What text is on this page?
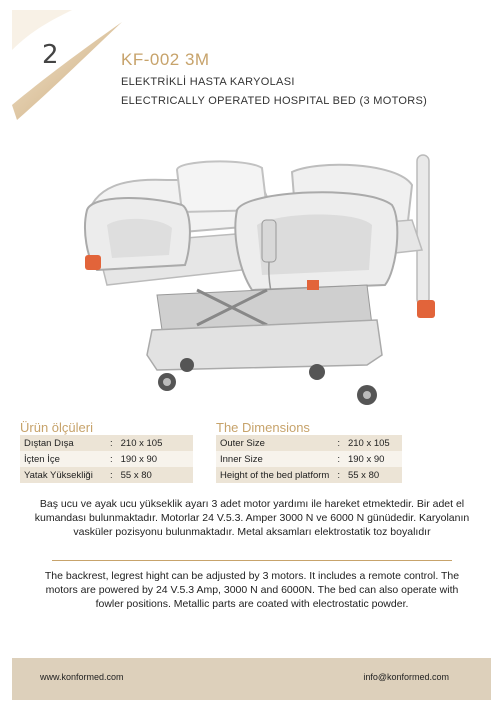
2	KF-002 3M
ELEKTRİKLİ HASTA KARYOLASI
ELECTRICALLY OPERATED HOSPITAL BED (3 MOTORS)
Ürün ölçüleri
Dıştan Dışa	:	210 x 105
İçten İçe	:	190 x 90
Yatak Yüksekliği	:	55 x 80
The Dimensions
Outer Size	:	210 x 105
Inner Size	:	190 x 90
Height of the bed platform	:	55 x 80
Baş ucu ve ayak ucu yükseklik ayarı 3 adet motor yardımı ile hareket etmektedir. Bir adet el kumandası bulunmaktadır. Motorlar 24 V.5.3. Amper 3000 N ve 6000 N günüdedir. Karyolanın vasküler pozisyonu bulunmaktadır. Metal aksamları elektrostatik toz boyalıdır
The backrest, legrest hight can be adjusted by 3 motors. It includes a remote control. The motors are powered by 24 V.5.3 Amp, 3000 N and 6000N. The bed can also operate with fowler positions. Metallic parts are coated with electrostatic powder.
www.konformed.com	info@konformed.com
